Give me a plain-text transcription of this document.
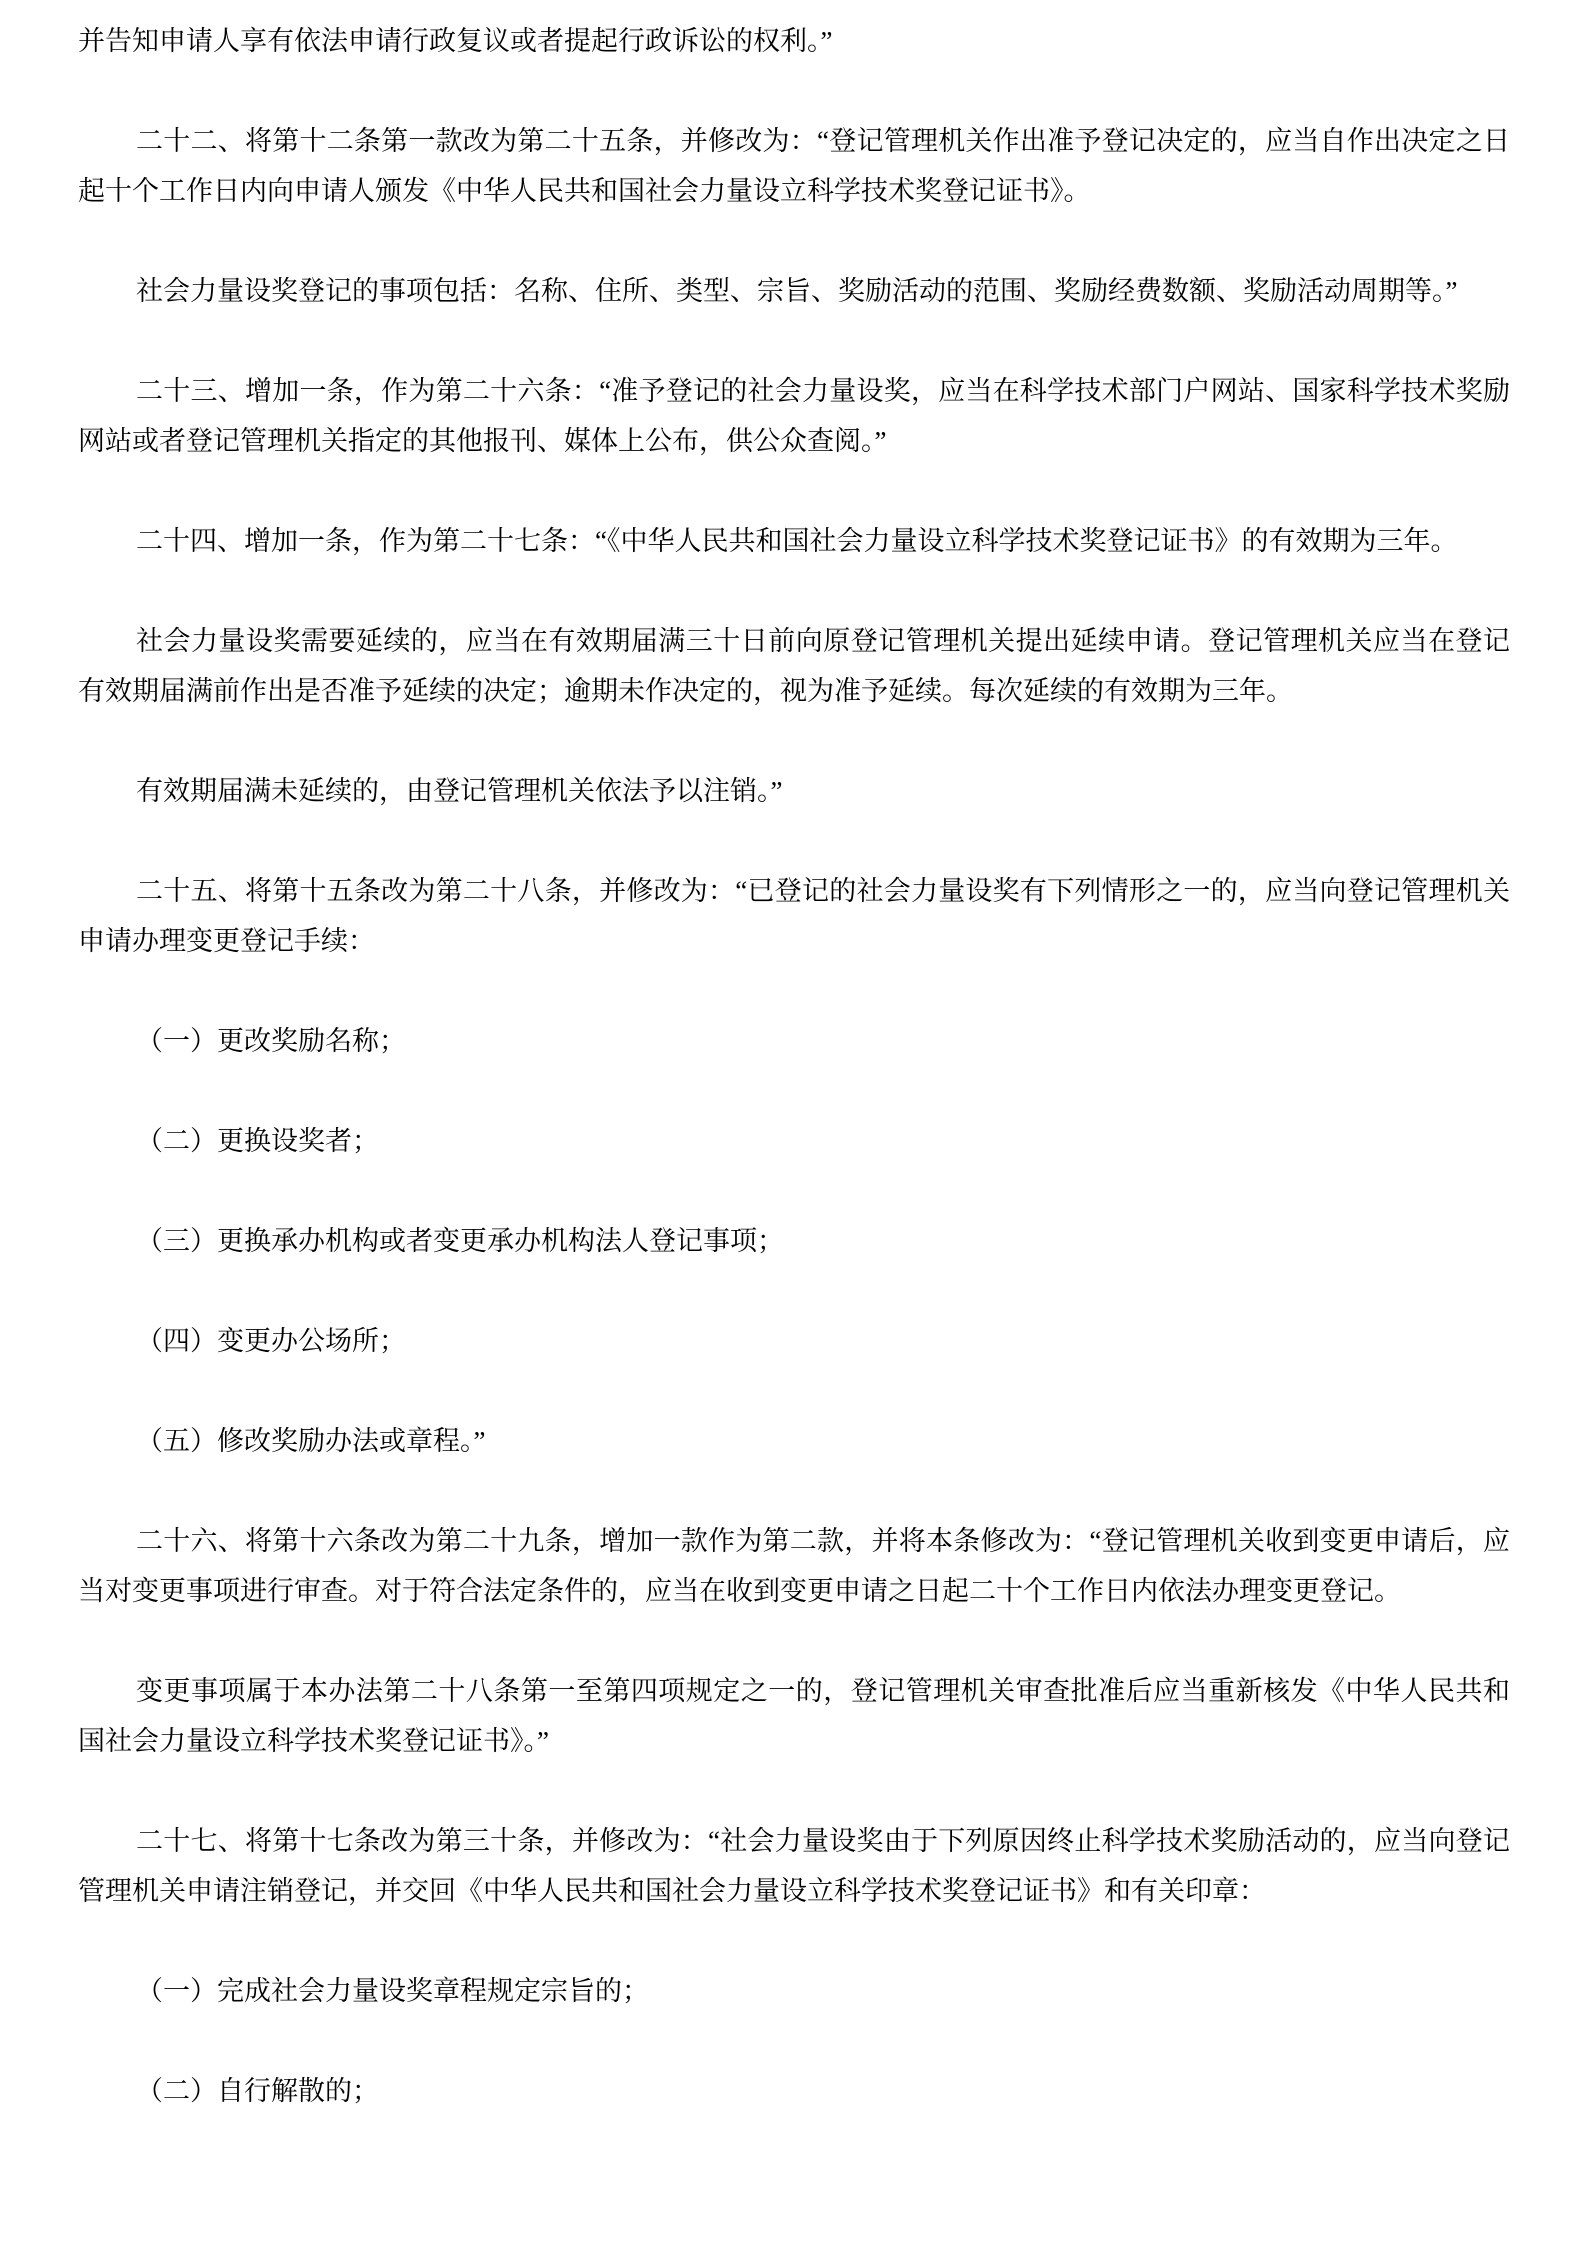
并告知申请人享有依法申请行政复议或者提起行政诉讼的权利。”

二十二、将第十二条第一款改为第二十五条，并修改为：“登记管理机关作出准予登记决定的，应当自作出决定之日起十个工作日内向申请人颁发《中华人民共和国社会力量设立科学技术奖登记证书》。

社会力量设奖登记的事项包括：名称、住所、类型、宗旨、奖励活动的范围、奖励经费数额、奖励活动周期等。”

二十三、增加一条，作为第二十六条：“准予登记的社会力量设奖，应当在科学技术部门户网站、国家科学技术奖励网站或者登记管理机关指定的其他报刊、媒体上公布，供公众查阅。”

二十四、增加一条，作为第二十七条：“《中华人民共和国社会力量设立科学技术奖登记证书》的有效期为三年。

社会力量设奖需要延续的，应当在有效期届满三十日前向原登记管理机关提出延续申请。登记管理机关应当在登记有效期届满前作出是否准予延续的决定；逾期未作决定的，视为准予延续。每次延续的有效期为三年。

有效期届满未延续的，由登记管理机关依法予以注销。”

二十五、将第十五条改为第二十八条，并修改为：“已登记的社会力量设奖有下列情形之一的，应当向登记管理机关申请办理变更登记手续：

（一）更改奖励名称；

（二）更换设奖者；

（三）更换承办机构或者变更承办机构法人登记事项；

（四）变更办公场所；

（五）修改奖励办法或章程。”

二十六、将第十六条改为第二十九条，增加一款作为第二款，并将本条修改为：“登记管理机关收到变更申请后，应当对变更事项进行审查。对于符合法定条件的，应当在收到变更申请之日起二十个工作日内依法办理变更登记。

变更事项属于本办法第二十八条第一至第四项规定之一的，登记管理机关审查批准后应当重新核发《中华人民共和国社会力量设立科学技术奖登记证书》。”

二十七、将第十七条改为第三十条，并修改为：“社会力量设奖由于下列原因终止科学技术奖励活动的，应当向登记管理机关申请注销登记，并交回《中华人民共和国社会力量设立科学技术奖登记证书》和有关印章：

（一）完成社会力量设奖章程规定宗旨的；

（二）自行解散的；
